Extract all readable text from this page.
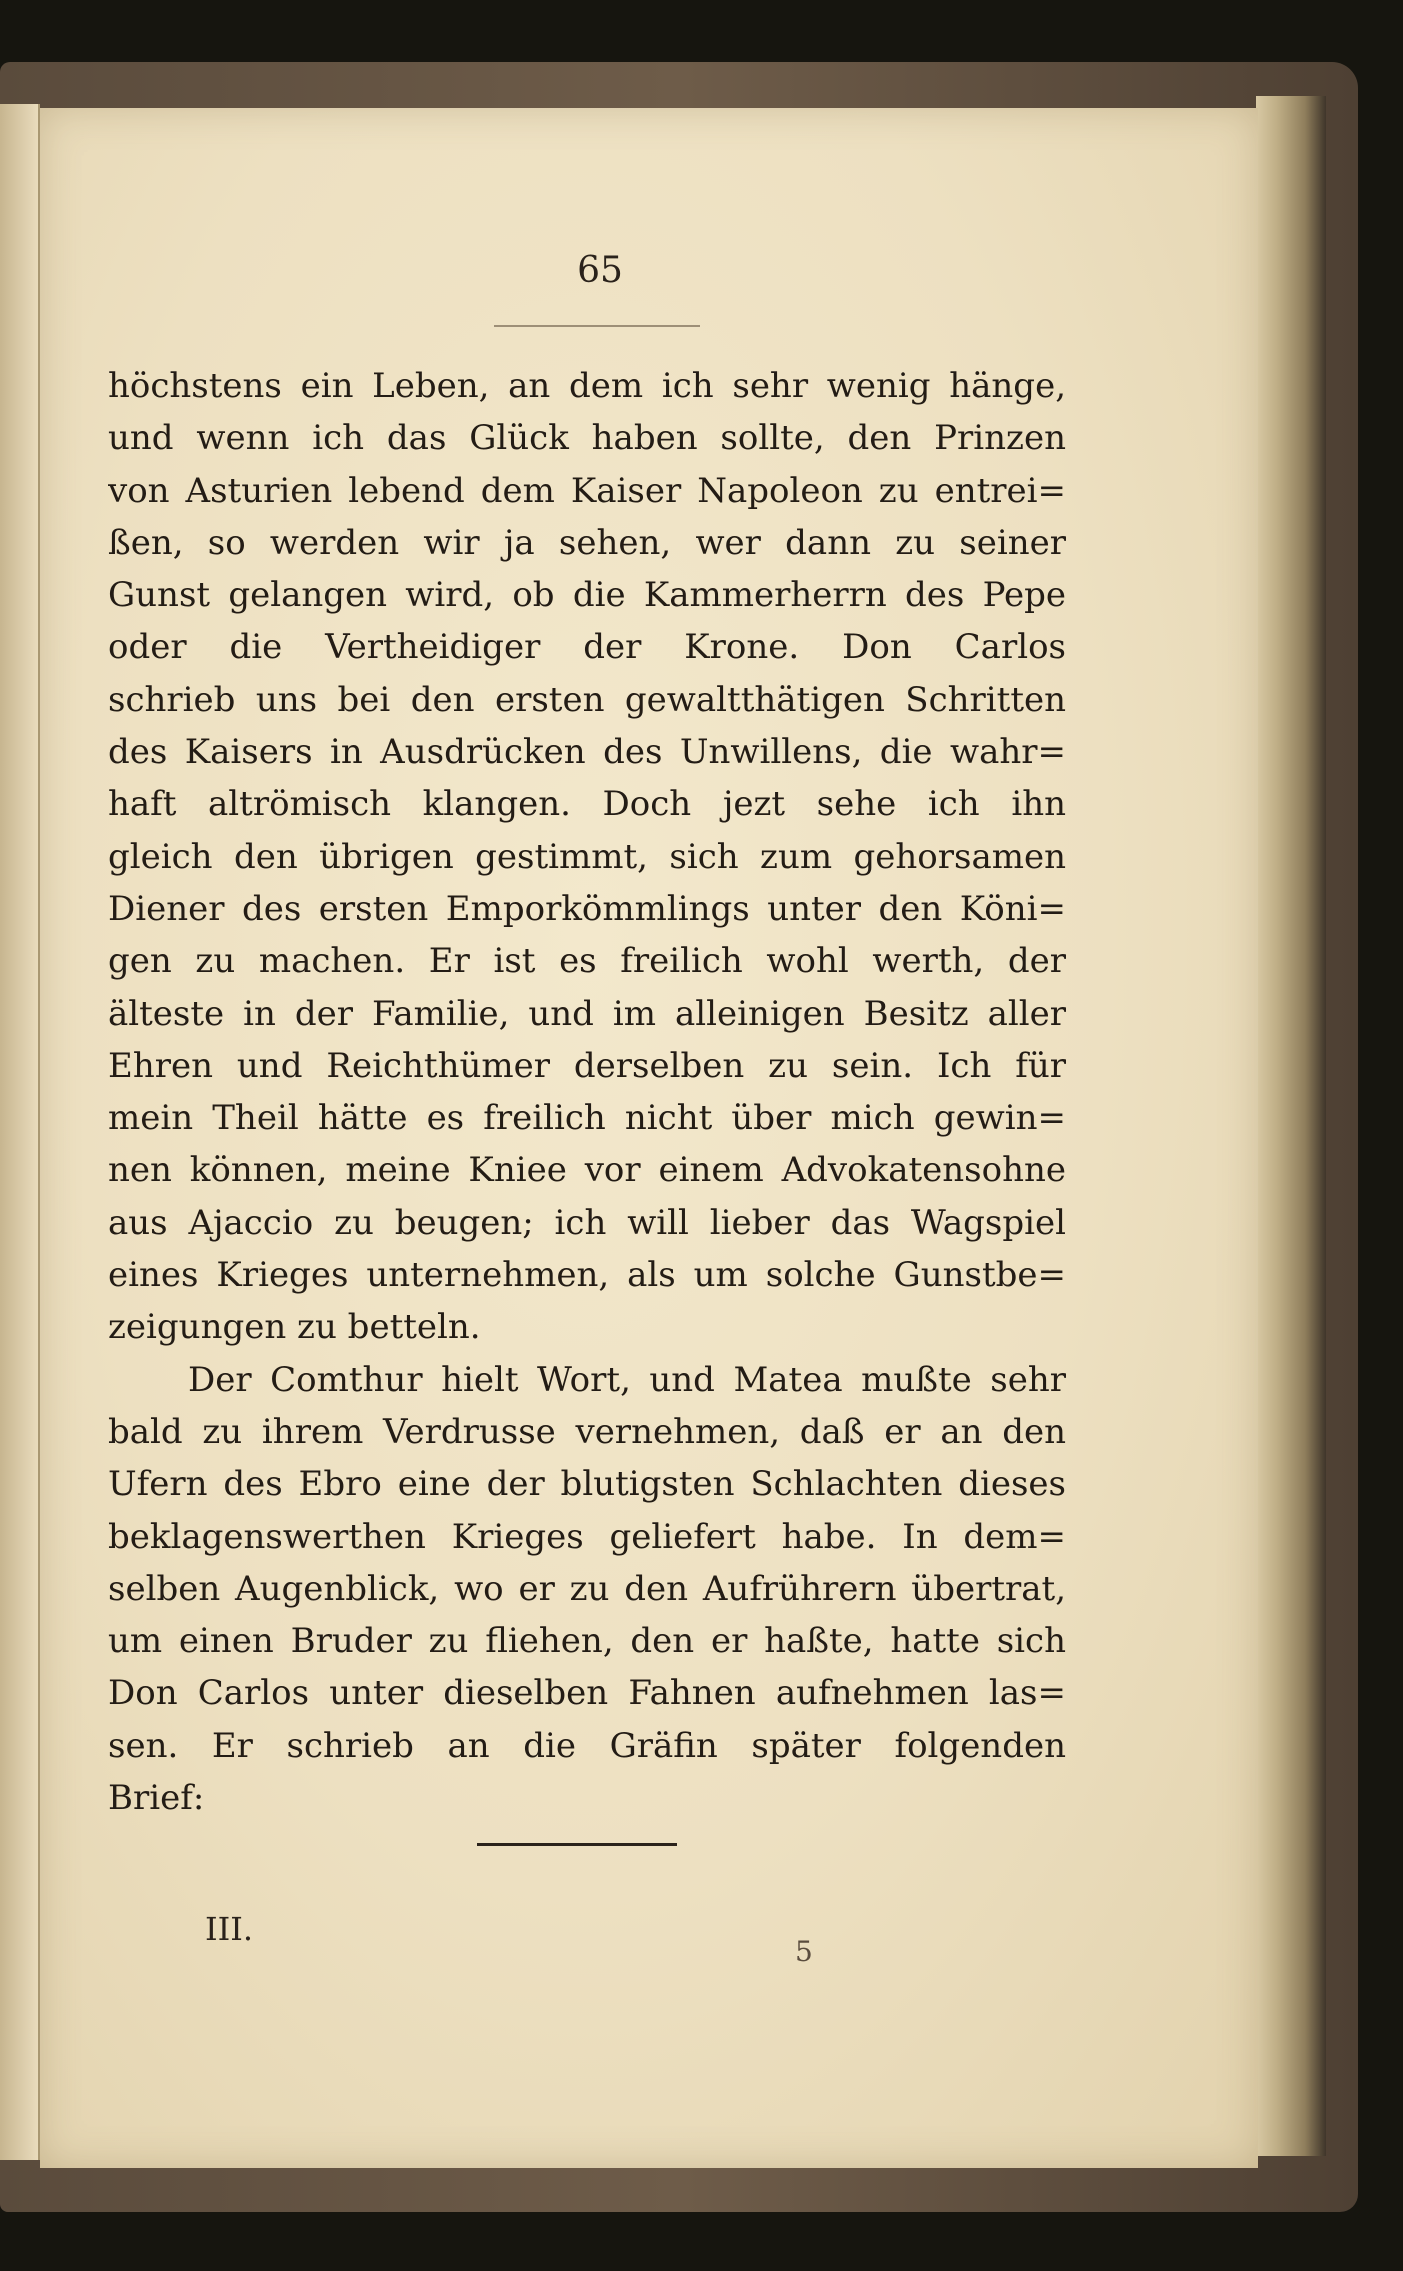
65
höchstens ein Leben, an dem ich sehr wenig hänge,
und wenn ich das Glück haben sollte, den Prinzen
von Asturien lebend dem Kaiser Napoleon zu entrei=
ßen, so werden wir ja sehen, wer dann zu seiner
Gunst gelangen wird, ob die Kammerherrn des Pepe
oder die Vertheidiger der Krone. Don Carlos
schrieb uns bei den ersten gewaltthätigen Schritten
des Kaisers in Ausdrücken des Unwillens, die wahr=
haft altrömisch klangen. Doch jezt sehe ich ihn
gleich den übrigen gestimmt, sich zum gehorsamen
Diener des ersten Emporkömmlings unter den Köni=
gen zu machen. Er ist es freilich wohl werth, der
älteste in der Familie, und im alleinigen Besitz aller
Ehren und Reichthümer derselben zu sein. Ich für
mein Theil hätte es freilich nicht über mich gewin=
nen können, meine Kniee vor einem Advokatensohne
aus Ajaccio zu beugen; ich will lieber das Wagspiel
eines Krieges unternehmen, als um solche Gunstbe=
zeigungen zu betteln.
Der Comthur hielt Wort, und Matea mußte sehr
bald zu ihrem Verdrusse vernehmen, daß er an den
Ufern des Ebro eine der blutigsten Schlachten dieses
beklagenswerthen Krieges geliefert habe. In dem=
selben Augenblick, wo er zu den Aufrührern übertrat,
um einen Bruder zu fliehen, den er haßte, hatte sich
Don Carlos unter dieselben Fahnen aufnehmen las=
sen. Er schrieb an die Gräfin später folgenden
Brief:
III.
5
